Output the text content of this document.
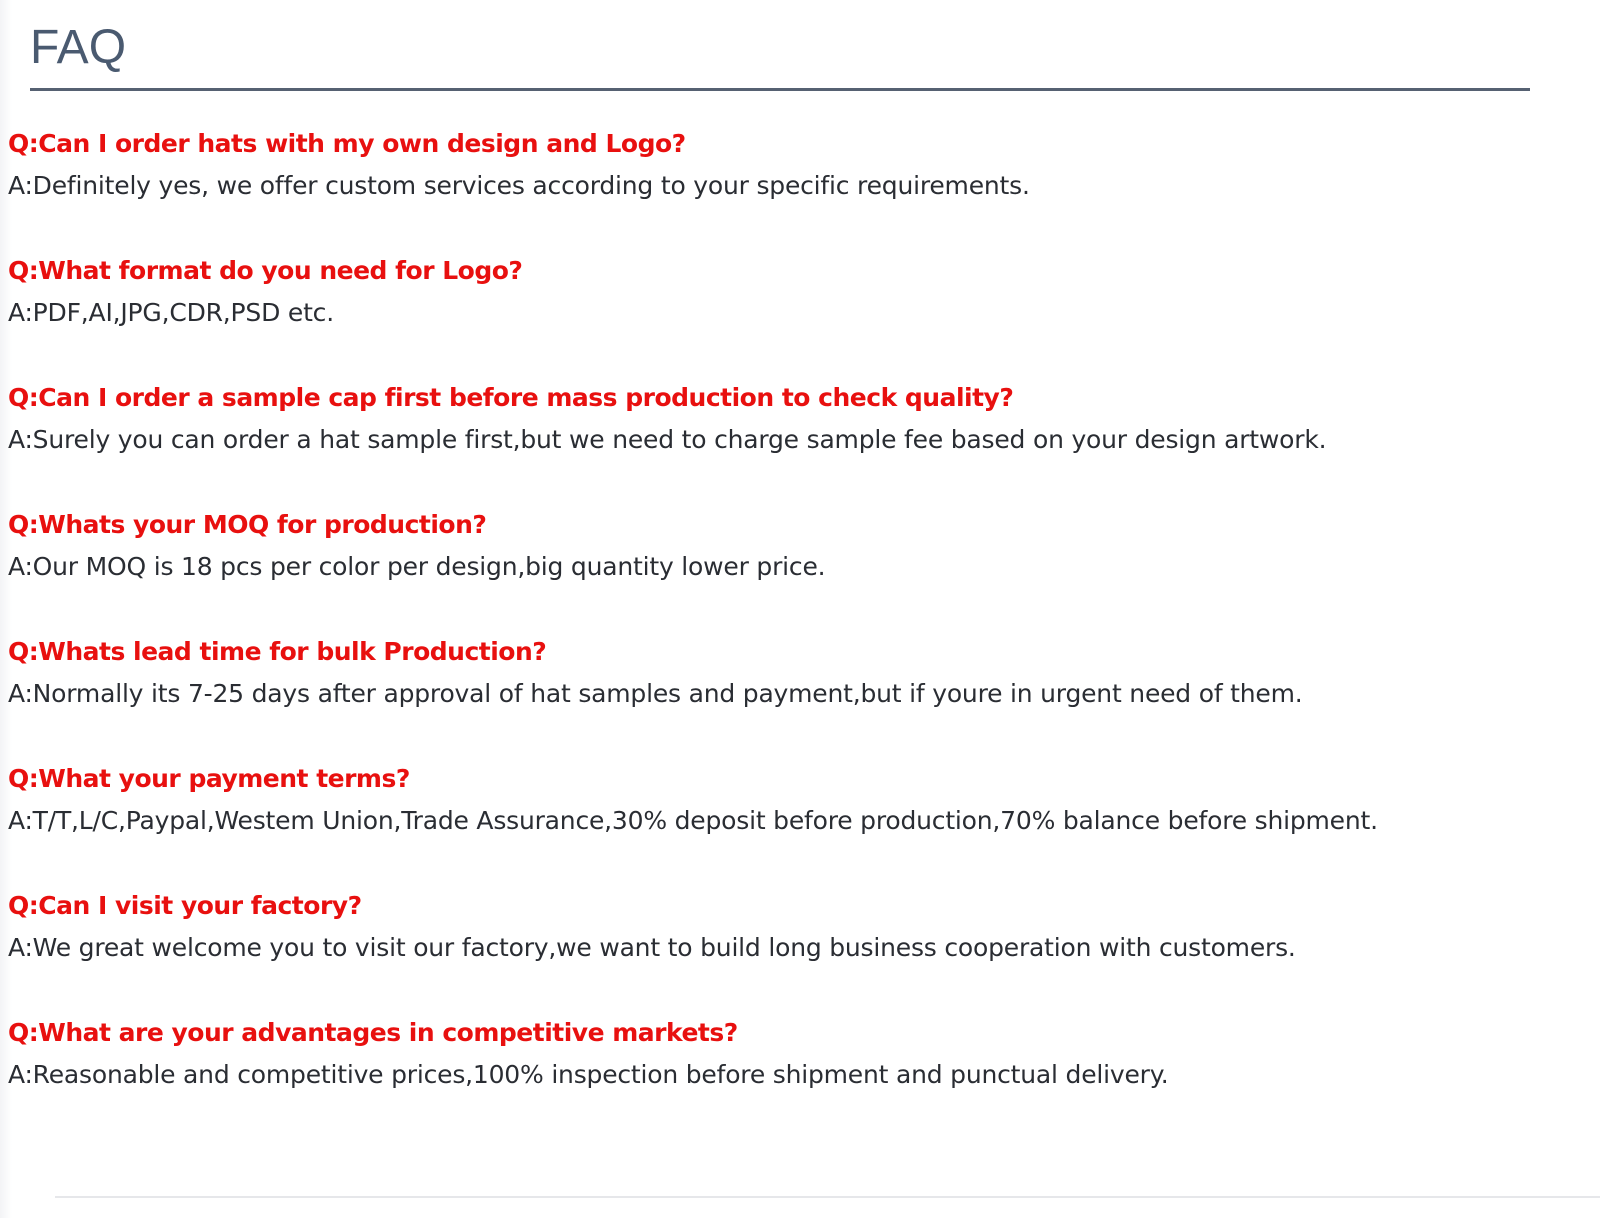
FAQ
Q:Can I order hats with my own design and Logo?
A:Definitely yes, we offer custom services according to your specific requirements.
Q:What format do you need for Logo?
A:PDF,AI,JPG,CDR,PSD etc.
Q:Can I order a sample cap first before mass production to check quality?
A:Surely you can order a hat sample first,but we need to charge sample fee based on your design artwork.
Q:Whats your MOQ for production?
A:Our MOQ is 18 pcs per color per design,big quantity lower price.
Q:Whats lead time for bulk Production?
A:Normally its 7-25 days after approval of hat samples and payment,but if youre in urgent need of them.
Q:What your payment terms?
A:T/T,L/C,Paypal,Westem Union,Trade Assurance,30% deposit before production,70% balance before shipment.
Q:Can I visit your factory?
A:We great welcome you to visit our factory,we want to build long business cooperation with customers.
Q:What are your advantages in competitive markets?
A:Reasonable and competitive prices,100% inspection before shipment and punctual delivery.
